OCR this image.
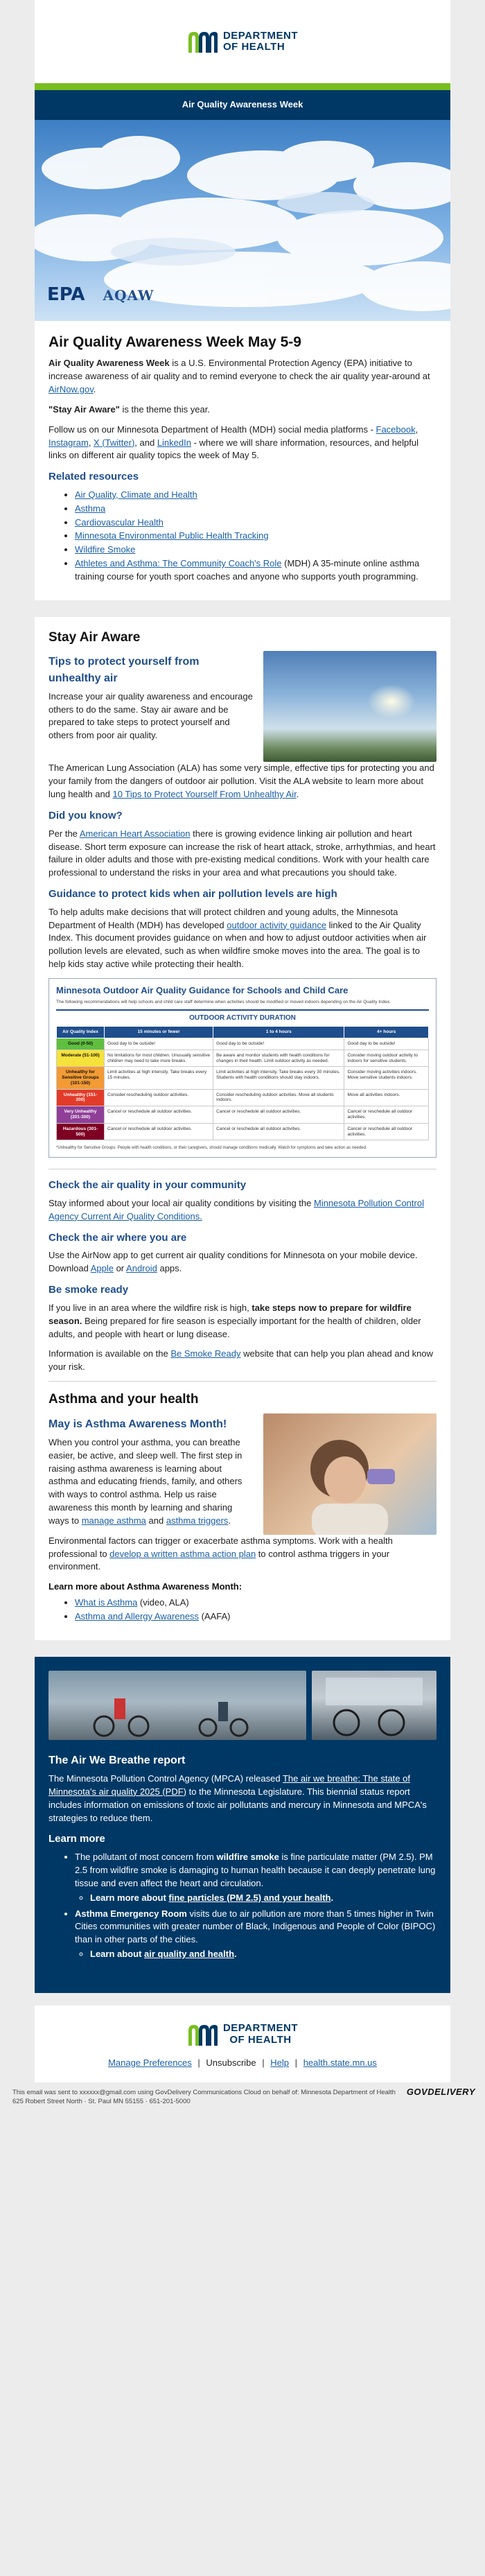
DEPARTMENT
OF HEALTH
Air Quality Awareness Week
EPA AQAW
Air Quality Awareness Week May 5-9

Air Quality Awareness Week is a U.S. Environmental Protection Agency (EPA) initiative to increase awareness of air quality and to remind everyone to check the air quality year-around at AirNow.gov.

"Stay Air Aware" is the theme this year.

Follow us on our Minnesota Department of Health (MDH) social media platforms - Facebook, Instagram, X (Twitter), and LinkedIn - where we will share information, resources, and helpful links on different air quality topics the week of May 5.

Related resources
• Air Quality, Climate and Health
• Asthma
• Cardiovascular Health
• Minnesota Environmental Public Health Tracking
• Wildfire Smoke
• Athletes and Asthma: The Community Coach's Role (MDH) A 35-minute online asthma training course for youth sport coaches and anyone who supports youth programming.
Stay Air Aware
Tips to protect yourself from unhealthy air

Increase your air quality awareness and encourage others to do the same. Stay air aware and be prepared to take steps to protect yourself and others from poor air quality.

The American Lung Association (ALA) has some very simple, effective tips for protecting you and your family from the dangers of outdoor air pollution. Visit the ALA website to learn more about lung health and 10 Tips to Protect Yourself From Unhealthy Air.

Did you know?

Per the American Heart Association there is growing evidence linking air pollution and heart disease. Short term exposure can increase the risk of heart attack, stroke, arrhythmias, and heart failure in older adults and those with pre-existing medical conditions. Work with your health care professional to understand the risks in your area and what precautions you should take.

Guidance to protect kids when air pollution levels are high

To help adults make decisions that will protect children and young adults, the Minnesota Department of Health (MDH) has developed outdoor activity guidance linked to the Air Quality Index. This document provides guidance on when and how to adjust outdoor activities when air pollution levels are elevated, such as when wildfire smoke moves into the area. The goal is to help kids stay active while protecting their health.

Minnesota Outdoor Air Quality Guidance for Schools and Child Care
The following recommendations will help schools and child care staff determine when activities should be modified or moved indoors depending on the Air Quality Index.
OUTDOOR ACTIVITY DURATION
Air Quality Index	15 minutes or fewer	1 to 4 hours	4+ hours
Good (0-50)	Good day to be outside!	Good day to be outside!	Good day to be outside!
Moderate (51-100)	No limitations for most children. Unusually sensitive children may need to take more breaks.	Be aware and monitor students with health conditions for changes in their health. Limit outdoor activity as needed.	Consider moving outdoor activity to indoors for sensitive students.
Unhealthy for Sensitive Groups (101-150)	Limit activities at high intensity. Take breaks every 15 minutes.	Limit activities at high intensity. Take breaks every 30 minutes. Students with health conditions should stay indoors.	Consider moving activities indoors. Move sensitive students indoors.
Unhealthy (151-200)	Consider rescheduling outdoor activities.	Consider rescheduling outdoor activities. Move all students indoors.	Move all activities indoors.
Very Unhealthy (201-300)	Cancel or reschedule all outdoor activities.	Cancel or reschedule all outdoor activities.	Cancel or reschedule all outdoor activities.
Hazardous (301-500)	Cancel or reschedule all outdoor activities.	Cancel or reschedule all outdoor activities.	Cancel or reschedule all outdoor activities.
*Unhealthy for Sensitive Groups: People with health conditions, or their caregivers, should manage conditions medically. Watch for symptoms and take action as needed.
Check the air quality in your community

Stay informed about your local air quality conditions by visiting the Minnesota Pollution Control Agency Current Air Quality Conditions.

Check the air where you are

Use the AirNow app to get current air quality conditions for Minnesota on your mobile device. Download Apple or Android apps.

Be smoke ready

If you live in an area where the wildfire risk is high, take steps now to prepare for wildfire season. Being prepared for fire season is especially important for the health of children, older adults, and people with heart or lung disease.

Information is available on the Be Smoke Ready website that can help you plan ahead and know your risk.

Asthma and your health
May is Asthma Awareness Month!

When you control your asthma, you can breathe easier, be active, and sleep well. The first step in raising asthma awareness is learning about asthma and educating friends, family, and others with ways to control asthma. Help us raise awareness this month by learning and sharing ways to manage asthma and asthma triggers.

Environmental factors can trigger or exacerbate asthma symptoms. Work with a health professional to develop a written asthma action plan to control asthma triggers in your environment.

Learn more about Asthma Awareness Month:
• What is Asthma (video, ALA)
• Asthma and Allergy Awareness (AAFA)
The Air We Breathe report

The Minnesota Pollution Control Agency (MPCA) released The air we breathe: The state of Minnesota's air quality 2025 (PDF) to the Minnesota Legislature. This biennial status report includes information on emissions of toxic air pollutants and mercury in Minnesota and MPCA's strategies to reduce them.

Learn more
• The pollutant of most concern from wildfire smoke is fine particulate matter (PM 2.5). PM 2.5 from wildfire smoke is damaging to human health because it can deeply penetrate lung tissue and even affect the heart and circulation.
◦ Learn more about fine particles (PM 2.5) and your health.
• Asthma Emergency Room visits due to air pollution are more than 5 times higher in Twin Cities communities with greater number of Black, Indigenous and People of Color (BIPOC) than in other parts of the cities.
◦ Learn about air quality and health.
DEPARTMENT
OF HEALTH
Manage Preferences | Unsubscribe | Help | health.state.mn.us
This email was sent to xxxxxx@gmail.com using GovDelivery Communications Cloud on behalf of: Minnesota Department of Health
625 Robert Street North · St. Paul MN 55155 · 651-201-5000
GOVDELIVERY
